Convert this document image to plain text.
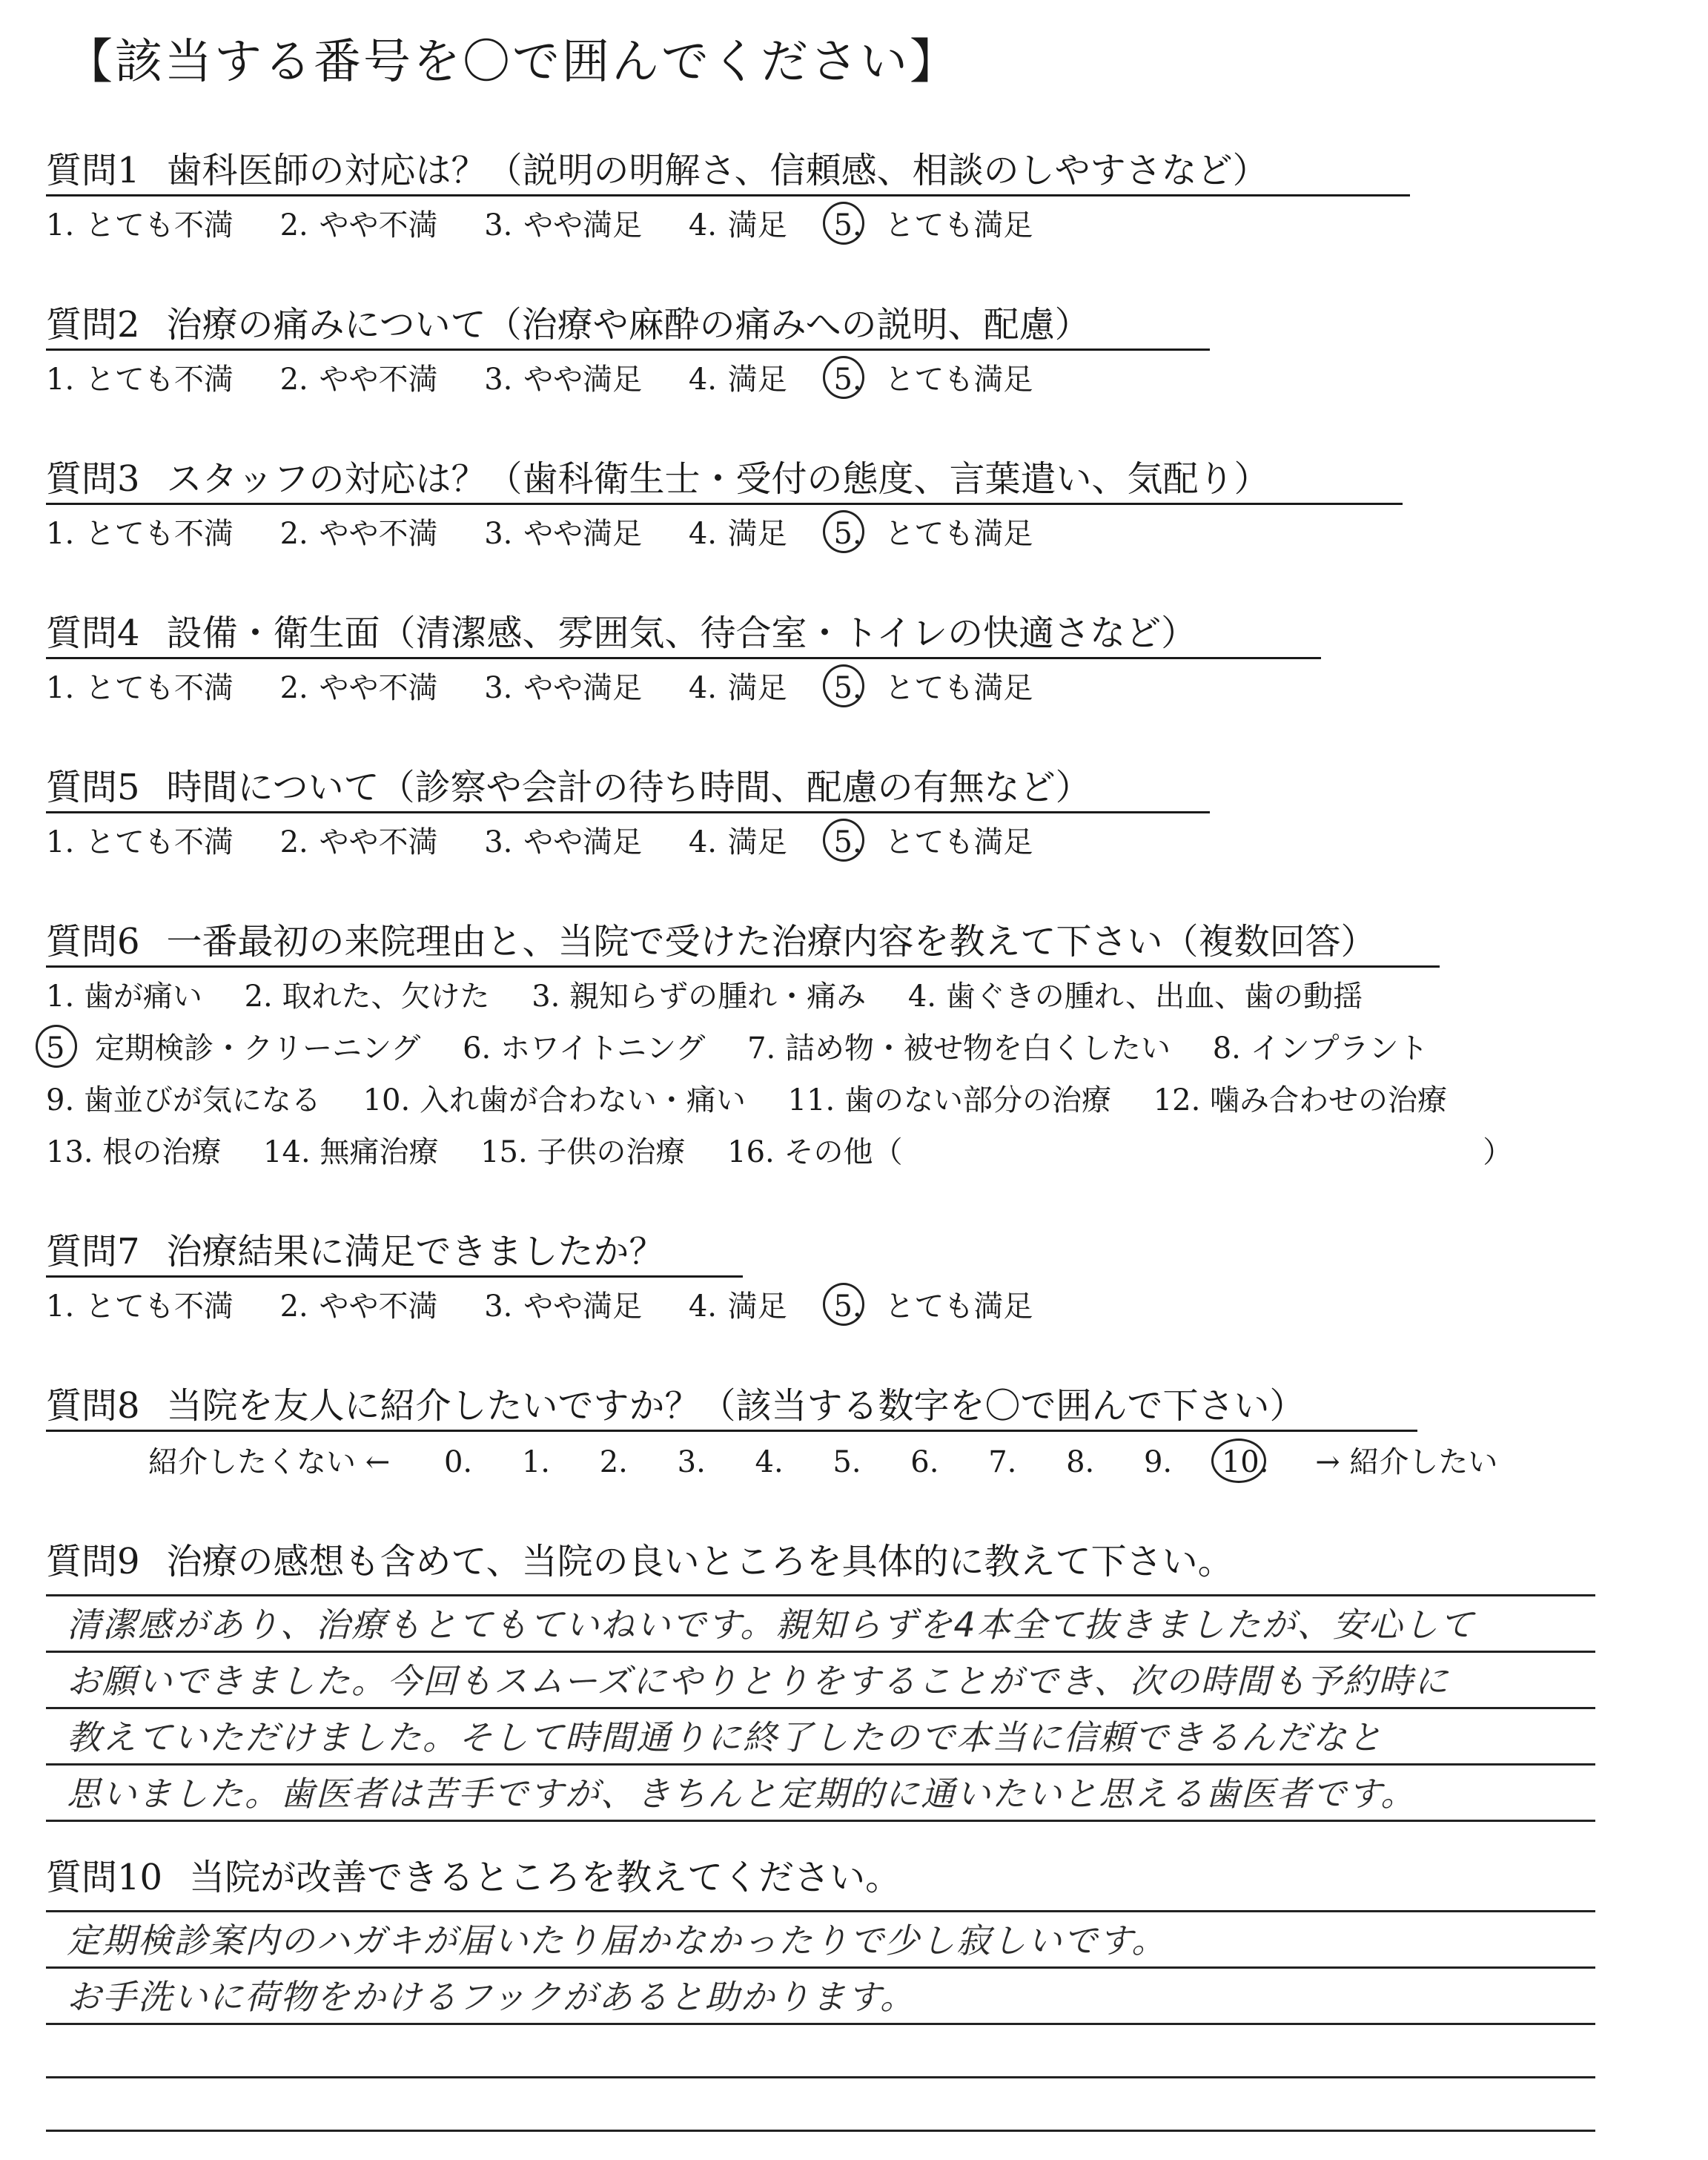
【該当する番号を〇で囲んでください】
質問1 歯科医師の対応は？（説明の明解さ、信頼感、相談のしやすさなど）
1. とても不満 2. やや不満 3. やや満足 4. 満足 5. とても満足
質問2 治療の痛みについて（治療や麻酔の痛みへの説明、配慮）
1. とても不満 2. やや不満 3. やや満足 4. 満足 5. とても満足
質問3 スタッフの対応は？（歯科衛生士・受付の態度、言葉遣い、気配り）
1. とても不満 2. やや不満 3. やや満足 4. 満足 5. とても満足
質問4 設備・衛生面（清潔感、雰囲気、待合室・トイレの快適さなど）
1. とても不満 2. やや不満 3. やや満足 4. 満足 5. とても満足
質問5 時間について（診察や会計の待ち時間、配慮の有無など）
1. とても不満 2. やや不満 3. やや満足 4. 満足 5. とても満足
質問6 一番最初の来院理由と、当院で受けた治療内容を教えて下さい（複数回答）
1. 歯が痛い 2. 取れた、欠けた 3. 親知らずの腫れ・痛み 4. 歯ぐきの腫れ、出血、歯の動揺
5 定期検診・クリーニング 6. ホワイトニング 7. 詰め物・被せ物を白くしたい 8. インプラント
9. 歯並びが気になる 10. 入れ歯が合わない・痛い 11. 歯のない部分の治療 12. 噛み合わせの治療
13. 根の治療 14. 無痛治療 15. 子供の治療 16. その他（	）
質問7 治療結果に満足できましたか？
1. とても不満 2. やや不満 3. やや満足 4. 満足 5. とても満足
質問8 当院を友人に紹介したいですか？（該当する数字を〇で囲んで下さい）
紹介したくない ← 0. 1. 2. 3. 4. 5. 6. 7. 8. 9. 10. → 紹介したい
質問9 治療の感想も含めて、当院の良いところを具体的に教えて下さい。
清潔感があり、治療もとてもていねいです。親知らずを4本全て抜きましたが、安心して
お願いできました。今回もスムーズにやりとりをすることができ、次の時間も予約時に
教えていただけました。そして時間通りに終了したので本当に信頼できるんだなと
思いました。歯医者は苦手ですが、きちんと定期的に通いたいと思える歯医者です。
質問10 当院が改善できるところを教えてください。
定期検診案内のハガキが届いたり届かなかったりで少し寂しいです。
お手洗いに荷物をかけるフックがあると助かります。
